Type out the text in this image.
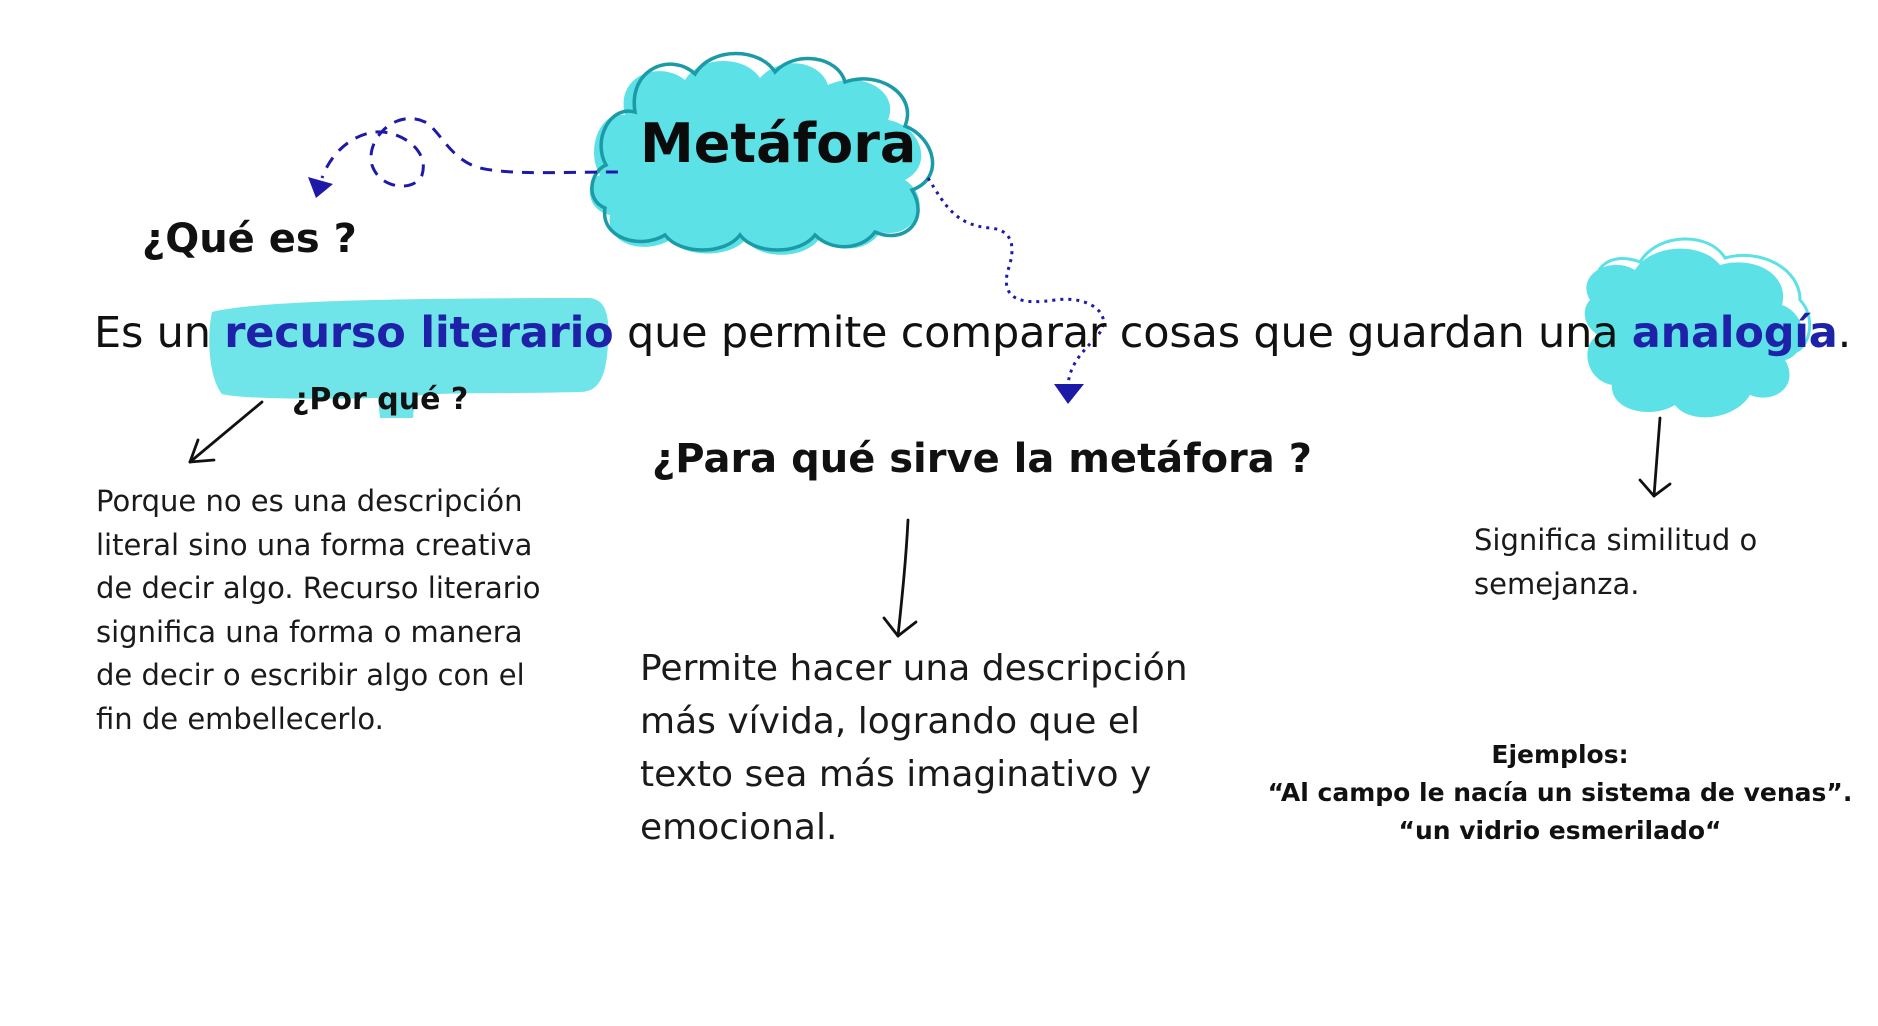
Metáfora
¿Qué es ?
Es un recurso literario que permite comparar cosas que guardan una analogía.
¿Por qué ?
¿Para qué sirve la metáfora ?
Porque no es una descripción literal sino una forma creativa de decir algo. Recurso literario significa una forma o manera de decir o escribir algo con el fin de embellecerlo.
Permite hacer una descripción más vívida, logrando que el texto sea más imaginativo y emocional.
Significa similitud o semejanza.
Ejemplos:
“Al campo le nacía un sistema de venas”.
“un vidrio esmerilado“
